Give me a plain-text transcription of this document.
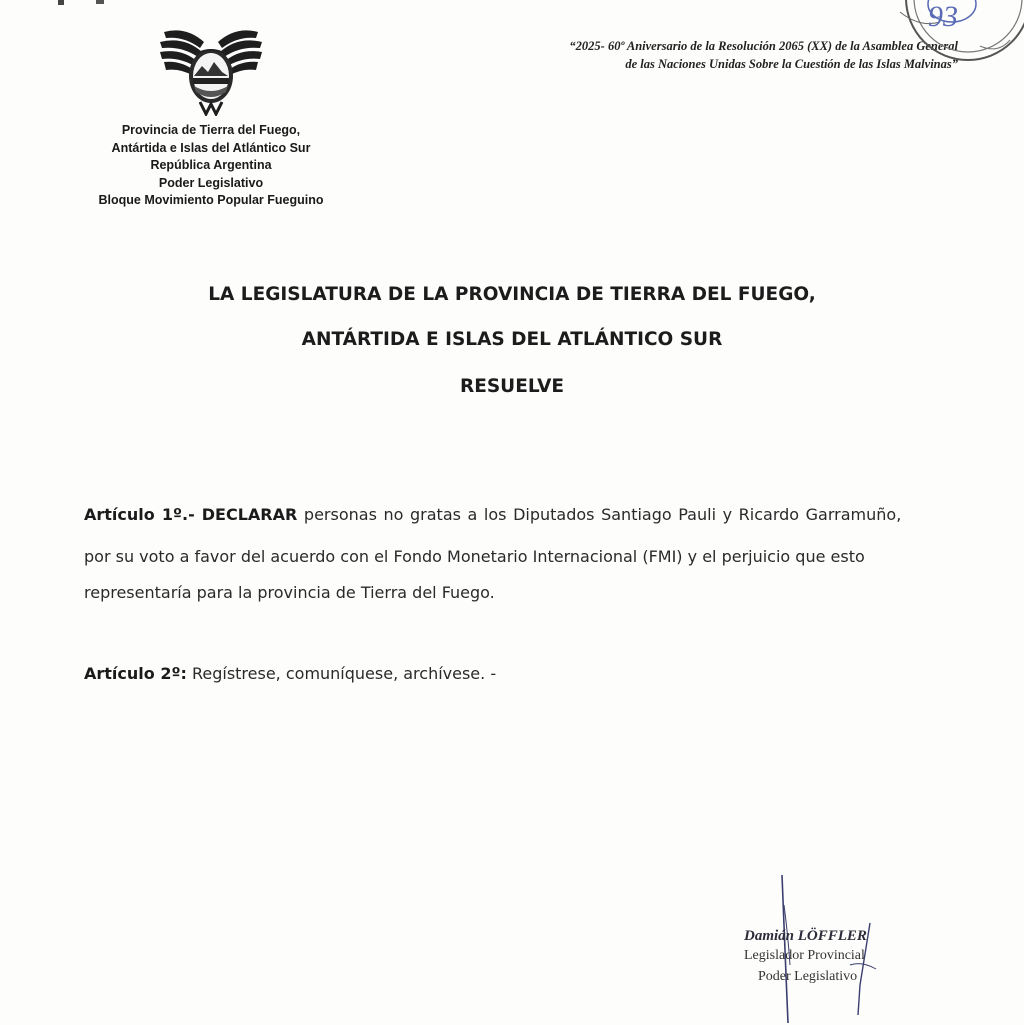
Provincia de Tierra del Fuego,
Antártida e Islas del Atlántico Sur
República Argentina
Poder Legislativo
Bloque Movimiento Popular Fueguino
“2025- 60º Aniversario de la Resolución 2065 (XX) de la Asamblea General
de las Naciones Unidas Sobre la Cuestión de las Islas Malvinas”
93
LA LEGISLATURA DE LA PROVINCIA DE TIERRA DEL FUEGO,
ANTÁRTIDA E ISLAS DEL ATLÁNTICO SUR
RESUELVE
Artículo 1º.- DECLARAR personas no gratas a los Diputados Santiago Pauli y Ricardo Garramuño,
por su voto a favor del acuerdo con el Fondo Monetario Internacional (FMI) y el perjuicio que esto
representaría para la provincia de Tierra del Fuego.
Artículo 2º: Regístrese, comuníquese, archívese. -
Damián LÖFFLER
Legislador Provincial
Poder Legislativo
